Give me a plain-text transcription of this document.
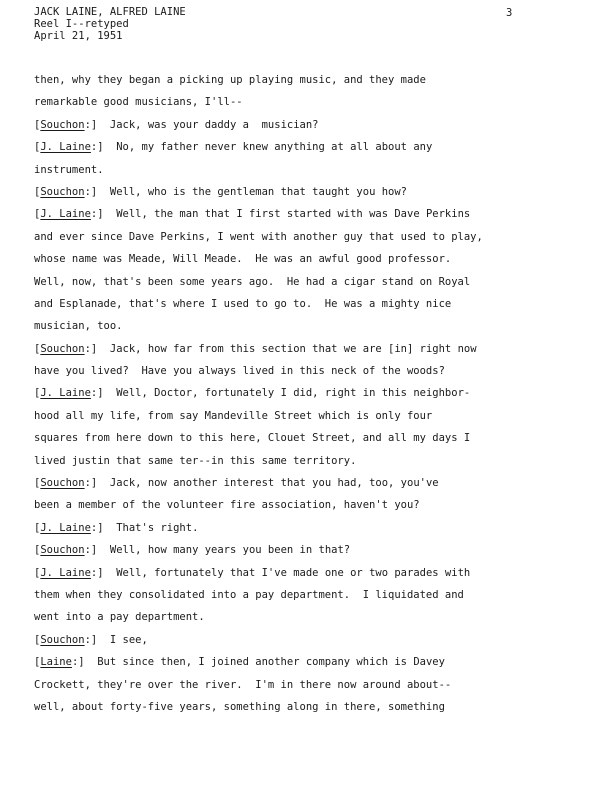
JACK LAINE, ALFRED LAINE
Reel I--retyped
April 21, 1951
3
then, why they began a picking up playing music, and they made
remarkable good musicians, I'll--
[Souchon:]  Jack, was your daddy a  musician?
[J. Laine:]  No, my father never knew anything at all about any
instrument.
[Souchon:]  Well, who is the gentleman that taught you how?
[J. Laine:]  Well, the man that I first started with was Dave Perkins
and ever since Dave Perkins, I went with another guy that used to play,
whose name was Meade, Will Meade.  He was an awful good professor.
Well, now, that's been some years ago.  He had a cigar stand on Royal
and Esplanade, that's where I used to go to.  He was a mighty nice
musician, too.
[Souchon:]  Jack, how far from this section that we are [in] right now
have you lived?  Have you always lived in this neck of the woods?
[J. Laine:]  Well, Doctor, fortunately I did, right in this neighbor-
hood all my life, from say Mandeville Street which is only four
squares from here down to this here, Clouet Street, and all my days I
lived justin that same ter--in this same territory.
[Souchon:]  Jack, now another interest that you had, too, you've
been a member of the volunteer fire association, haven't you?
[J. Laine:]  That's right.
[Souchon:]  Well, how many years you been in that?
[J. Laine:]  Well, fortunately that I've made one or two parades with
them when they consolidated into a pay department.  I liquidated and
went into a pay department.
[Souchon:]  I see,
[Laine:]  But since then, I joined another company which is Davey
Crockett, they're over the river.  I'm in there now around about--
well, about forty-five years, something along in there, something
